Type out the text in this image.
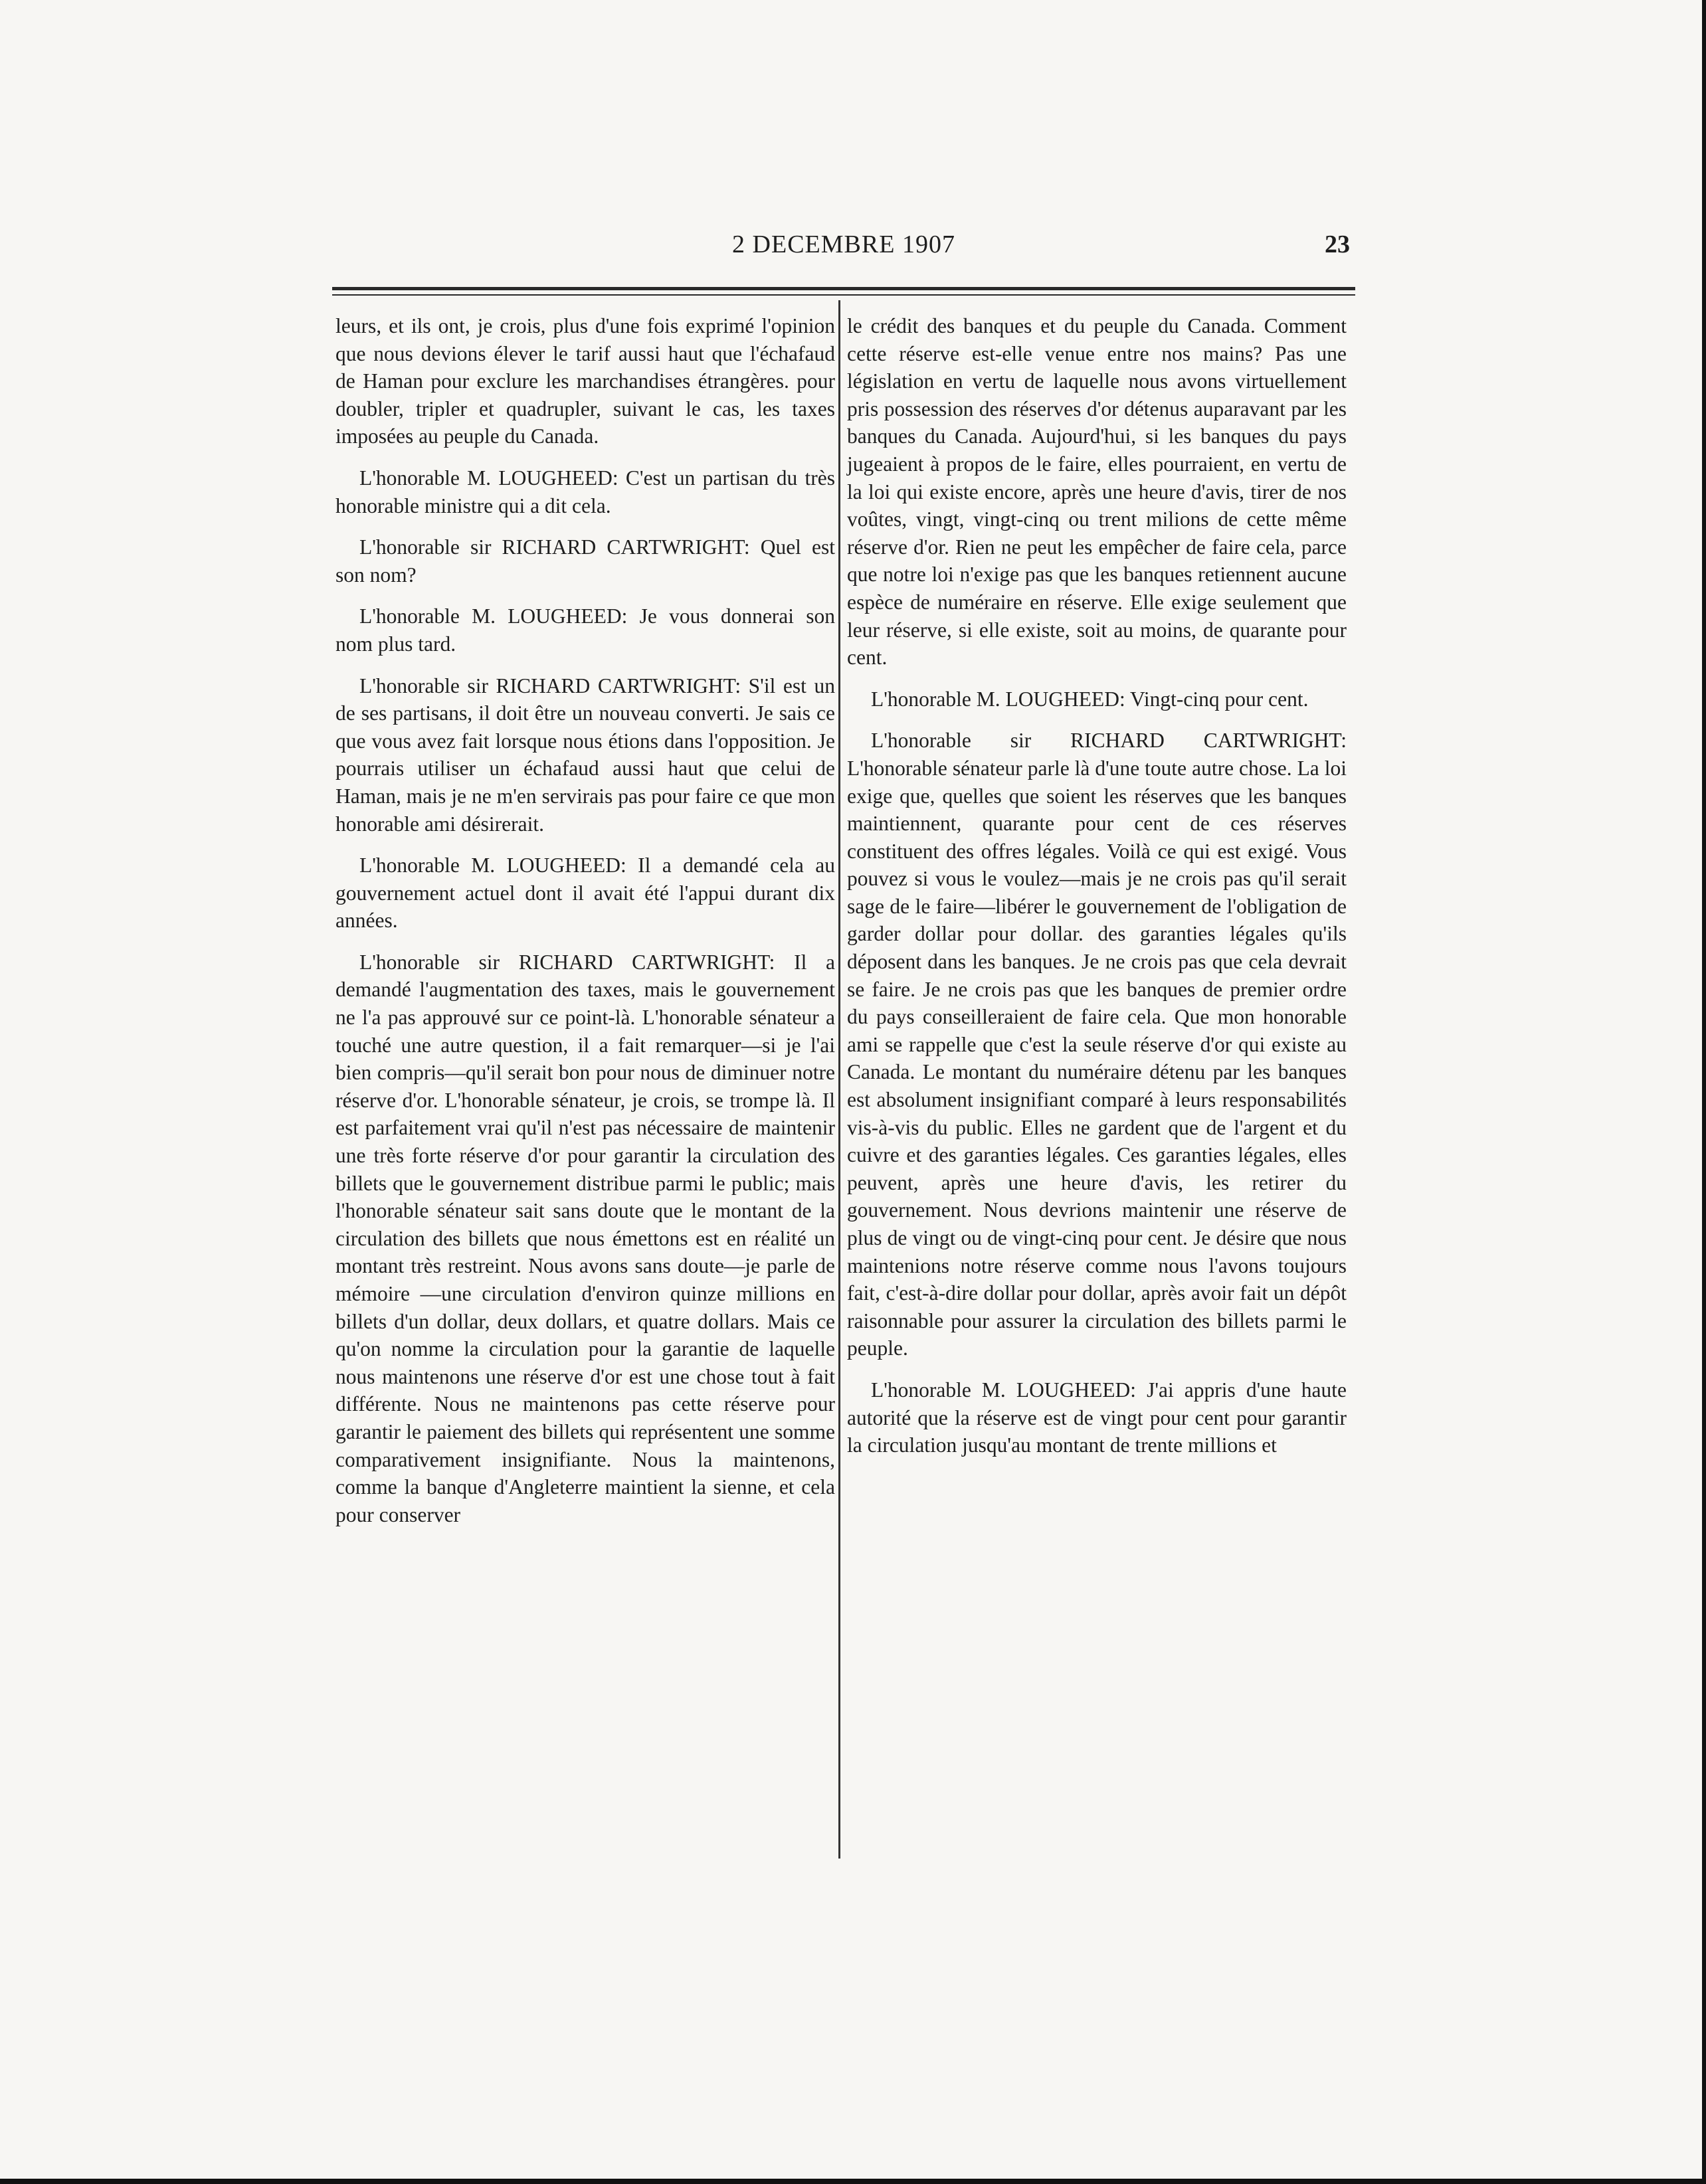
2 DECEMBRE 1907	23

leurs, et ils ont, je crois, plus d'une fois exprimé l'opinion que nous devions élever le tarif aussi haut que l'échafaud de Haman pour exclure les marchandises étrangères. pour doubler, tripler et quadrupler, suivant le cas, les taxes imposées au peuple du Canada.

L'honorable M. LOUGHEED: C'est un partisan du très honorable ministre qui a dit cela.

L'honorable sir RICHARD CARTWRIGHT: Quel est son nom?

L'honorable M. LOUGHEED: Je vous donnerai son nom plus tard.

L'honorable sir RICHARD CARTWRIGHT: S'il est un de ses partisans, il doit être un nouveau converti. Je sais ce que vous avez fait lorsque nous étions dans l'opposition. Je pourrais utiliser un échafaud aussi haut que celui de Haman, mais je ne m'en servirais pas pour faire ce que mon honorable ami désirerait.

L'honorable M. LOUGHEED: Il a demandé cela au gouvernement actuel dont il avait été l'appui durant dix années.

L'honorable sir RICHARD CARTWRIGHT: Il a demandé l'augmentation des taxes, mais le gouvernement ne l'a pas approuvé sur ce point-là. L'honorable sénateur a touché une autre question, il a fait remarquer—si je l'ai bien compris—qu'il serait bon pour nous de diminuer notre réserve d'or. L'honorable sénateur, je crois, se trompe là. Il est parfaitement vrai qu'il n'est pas nécessaire de maintenir une très forte réserve d'or pour garantir la circulation des billets que le gouvernement distribue parmi le public; mais l'honorable sénateur sait sans doute que le montant de la circulation des billets que nous émettons est en réalité un montant très restreint. Nous avons sans doute—je parle de mémoire —une circulation d'environ quinze millions en billets d'un dollar, deux dollars, et quatre dollars. Mais ce qu'on nomme la circulation pour la garantie de laquelle nous maintenons une réserve d'or est une chose tout à fait différente. Nous ne maintenons pas cette réserve pour garantir le paiement des billets qui représentent une somme comparativement insignifiante. Nous la maintenons, comme la banque d'Angleterre maintient la sienne, et cela pour conserver

le crédit des banques et du peuple du Canada. Comment cette réserve est-elle venue entre nos mains? Pas une législation en vertu de laquelle nous avons virtuellement pris possession des réserves d'or détenus auparavant par les banques du Canada. Aujourd'hui, si les banques du pays jugeaient à propos de le faire, elles pourraient, en vertu de la loi qui existe encore, après une heure d'avis, tirer de nos voûtes, vingt, vingt-cinq ou trent milions de cette même réserve d'or. Rien ne peut les empêcher de faire cela, parce que notre loi n'exige pas que les banques retiennent aucune espèce de numéraire en réserve. Elle exige seulement que leur réserve, si elle existe, soit au moins, de quarante pour cent.

L'honorable M. LOUGHEED: Vingt-cinq pour cent.

L'honorable sir RICHARD CARTWRIGHT: L'honorable sénateur parle là d'une toute autre chose. La loi exige que, quelles que soient les réserves que les banques maintiennent, quarante pour cent de ces réserves constituent des offres légales. Voilà ce qui est exigé. Vous pouvez si vous le voulez—mais je ne crois pas qu'il serait sage de le faire—libérer le gouvernement de l'obligation de garder dollar pour dollar. des garanties légales qu'ils déposent dans les banques. Je ne crois pas que cela devrait se faire. Je ne crois pas que les banques de premier ordre du pays conseilleraient de faire cela. Que mon honorable ami se rappelle que c'est la seule réserve d'or qui existe au Canada. Le montant du numéraire détenu par les banques est absolument insignifiant comparé à leurs responsabilités vis-à-vis du public. Elles ne gardent que de l'argent et du cuivre et des garanties légales. Ces garanties légales, elles peuvent, après une heure d'avis, les retirer du gouvernement. Nous devrions maintenir une réserve de plus de vingt ou de vingt-cinq pour cent. Je désire que nous maintenions notre réserve comme nous l'avons toujours fait, c'est-à-dire dollar pour dollar, après avoir fait un dépôt raisonnable pour assurer la circulation des billets parmi le peuple.

L'honorable M. LOUGHEED: J'ai appris d'une haute autorité que la réserve est de vingt pour cent pour garantir la circulation jusqu'au montant de trente millions et
